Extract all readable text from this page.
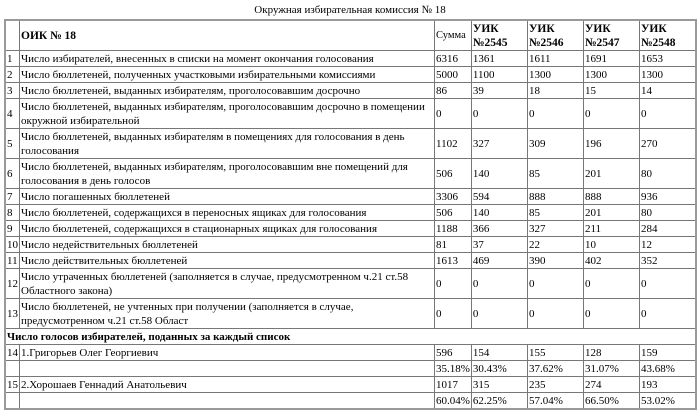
Окружная избирательная комиссия № 18
	ОИК № 18	Сумма	УИК №2545	УИК №2546	УИК №2547	УИК №2548
1	Число избирателей, внесенных в списки на момент окончания голосования	6316	1361	1611	1691	1653
2	Число бюллетеней, полученных участковыми избирательными комиссиями	5000	1100	1300	1300	1300
3	Число бюллетеней, выданных избирателям, проголосовавшим досрочно	86	39	18	15	14
4	Число бюллетеней, выданных избирателям, проголосовавшим досрочно в помещении окружной избирательной	0	0	0	0	0
5	Число бюллетеней, выданных избирателям в помещениях для голосования в день голосования	1102	327	309	196	270
6	Число бюллетеней, выданных избирателям, проголосовавшим вне помещений для голосования в день голосов	506	140	85	201	80
7	Число погашенных бюллетеней	3306	594	888	888	936
8	Число бюллетеней, содержащихся в переносных ящиках для голосования	506	140	85	201	80
9	Число бюллетеней, содержащихся в стационарных ящиках для голосования	1188	366	327	211	284
10	Число недействительных бюллетеней	81	37	22	10	12
11	Число действительных бюллетеней	1613	469	390	402	352
12	Число утраченных бюллетеней (заполняется в случае, предусмотренном ч.21 ст.58 Областного закона)	0	0	0	0	0
13	Число бюллетеней, не учтенных при получении (заполняется в случае, предусмотренном ч.21 ст.58 Област	0	0	0	0	0
Число голосов избирателей, поданных за каждый список						
14	1.Григорьев Олег Георгиевич	596	154	155	128	159
		35.18%	30.43%	37.62%	31.07%	43.68%
15	2.Хорошаев Геннадий Анатольевич	1017	315	235	274	193
		60.04%	62.25%	57.04%	66.50%	53.02%
